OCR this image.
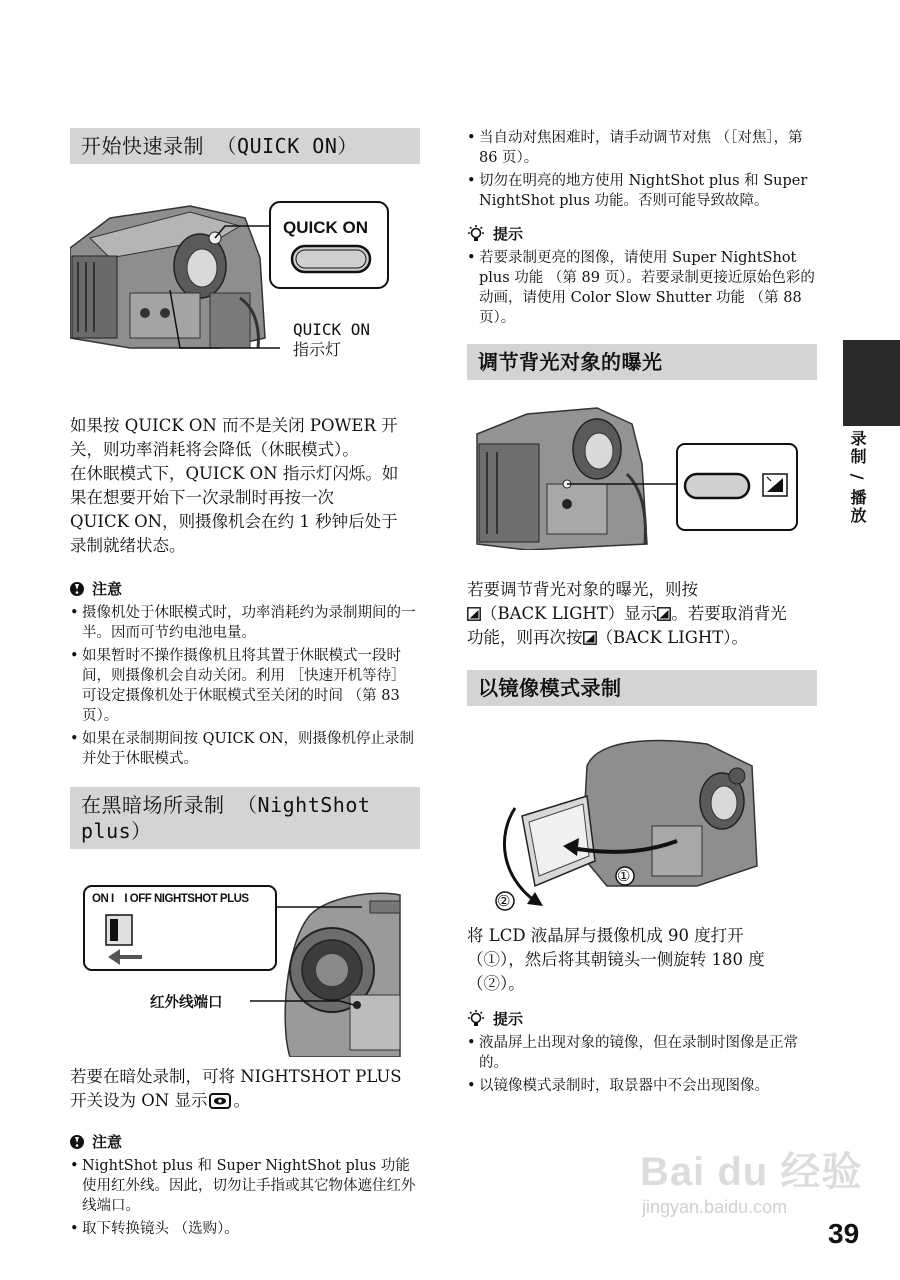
开始快速录制 （QUICK ON）
QUICK ON
QUICK ON
指示灯

如果按 QUICK ON 而不是关闭 POWER 开

关，则功率消耗将会降低（休眠模式）。

在休眠模式下，QUICK ON 指示灯闪烁。如

果在想要开始下一次录制时再按一次

QUICK ON，则摄像机会在约 1 秒钟后处于

录制就绪状态。

注意
• 摄像机处于休眠模式时，功率消耗约为录制期间的一半。因而可节约电池电量。
• 如果暂时不操作摄像机且将其置于休眠模式一段时间，则摄像机会自动关闭。利用 ［快速开机等待］可设定摄像机处于休眠模式至关闭的时间 （第 83 页）。
• 如果在录制期间按 QUICK ON，则摄像机停止录制并处于休眠模式。
在黑暗场所录制 （NightShot
plus）
ON I    I OFF NIGHTSHOT PLUS
红外线端口

若要在暗处录制，可将 NIGHTSHOT PLUS

开关设为 ON 显示 。

注意
• NightShot plus 和 Super NightShot plus 功能使用红外线。因此，切勿让手指或其它物体遮住红外线端口。
• 取下转换镜头 （选购）。
• 当自动对焦困难时，请手动调节对焦 （［对焦］，第 86 页）。
• 切勿在明亮的地方使用 NightShot plus 和 Super NightShot plus 功能。否则可能导致故障。
提示
• 若要录制更亮的图像，请使用 Super NightShot plus 功能 （第 89 页）。若要录制更接近原始色彩的动画，请使用 Color Slow Shutter 功能 （第 88 页）。
调节背光对象的曝光

若要调节背光对象的曝光，则按

（BACK LIGHT）显示 。若要取消背光

功能，则再次按 （BACK LIGHT）。

以镜像模式录制
①
②

将 LCD 液晶屏与摄像机成 90 度打开

（①），然后将其朝镜头一侧旋转 180 度

（②）。

提示
• 液晶屏上出现对象的镜像，但在录制时图像是正常的。
• 以镜像模式录制时，取景器中不会出现图像。
录制 / 播放
Bai du 经验
jingyan.baidu.com
39
